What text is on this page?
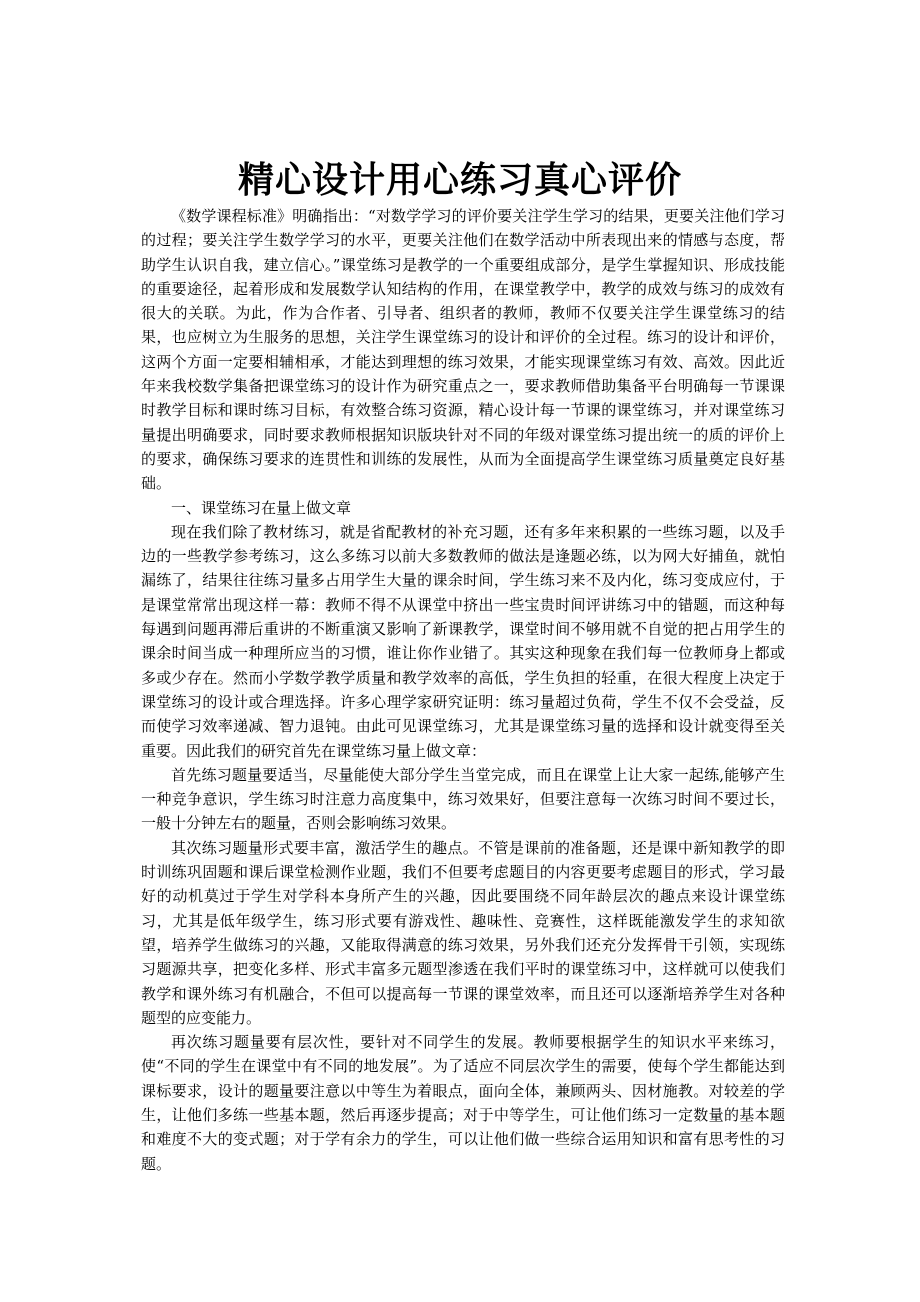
精心设计用心练习真心评价

《数学课程标准》明确指出：“对数学学习的评价要关注学生学习的结果，更要关注他们学习的过程；要关注学生数学学习的水平，更要关注他们在数学活动中所表现出来的情感与态度，帮助学生认识自我，建立信心。”课堂练习是教学的一个重要组成部分，是学生掌握知识、形成技能的重要途径，起着形成和发展数学认知结构的作用，在课堂教学中，教学的成效与练习的成效有很大的关联。为此，作为合作者、引导者、组织者的教师，教师不仅要关注学生课堂练习的结果，也应树立为生服务的思想，关注学生课堂练习的设计和评价的全过程。练习的设计和评价，这两个方面一定要相辅相承，才能达到理想的练习效果，才能实现课堂练习有效、高效。因此近年来我校数学集备把课堂练习的设计作为研究重点之一，要求教师借助集备平台明确每一节课课时教学目标和课时练习目标，有效整合练习资源，精心设计每一节课的课堂练习，并对课堂练习量提出明确要求，同时要求教师根据知识版块针对不同的年级对课堂练习提出统一的质的评价上的要求，确保练习要求的连贯性和训练的发展性，从而为全面提高学生课堂练习质量奠定良好基础。

一、课堂练习在量上做文章

现在我们除了教材练习，就是省配教材的补充习题，还有多年来积累的一些练习题，以及手边的一些教学参考练习，这么多练习以前大多数教师的做法是逢题必练，以为网大好捕鱼，就怕漏练了，结果往往练习量多占用学生大量的课余时间，学生练习来不及内化，练习变成应付，于是课堂常常出现这样一幕：教师不得不从课堂中挤出一些宝贵时间评讲练习中的错题，而这种每每遇到问题再滞后重讲的不断重演又影响了新课教学，课堂时间不够用就不自觉的把占用学生的课余时间当成一种理所应当的习惯，谁让你作业错了。其实这种现象在我们每一位教师身上都或多或少存在。然而小学数学教学质量和教学效率的高低，学生负担的轻重，在很大程度上决定于课堂练习的设计或合理选择。许多心理学家研究证明：练习量超过负荷，学生不仅不会受益，反而使学习效率递减、智力退钝。由此可见课堂练习，尤其是课堂练习量的选择和设计就变得至关重要。因此我们的研究首先在课堂练习量上做文章：

首先练习题量要适当，尽量能使大部分学生当堂完成，而且在课堂上让大家一起练,能够产生一种竞争意识，学生练习时注意力高度集中，练习效果好，但要注意每一次练习时间不要过长，一般十分钟左右的题量，否则会影响练习效果。

其次练习题量形式要丰富，激活学生的趣点。不管是课前的准备题，还是课中新知教学的即时训练巩固题和课后课堂检测作业题，我们不但要考虑题目的内容更要考虑题目的形式，学习最好的动机莫过于学生对学科本身所产生的兴趣，因此要围绕不同年龄层次的趣点来设计课堂练习，尤其是低年级学生，练习形式要有游戏性、趣味性、竞赛性，这样既能激发学生的求知欲望，培养学生做练习的兴趣，又能取得满意的练习效果，另外我们还充分发挥骨干引领，实现练习题源共享，把变化多样、形式丰富多元题型渗透在我们平时的课堂练习中，这样就可以使我们教学和课外练习有机融合，不但可以提高每一节课的课堂效率，而且还可以逐渐培养学生对各种题型的应变能力。

再次练习题量要有层次性，要针对不同学生的发展。教师要根据学生的知识水平来练习，使“不同的学生在课堂中有不同的地发展”。为了适应不同层次学生的需要，使每个学生都能达到课标要求，设计的题量要注意以中等生为着眼点，面向全体，兼顾两头、因材施教。对较差的学生，让他们多练一些基本题，然后再逐步提高；对于中等学生，可让他们练习一定数量的基本题和难度不大的变式题；对于学有余力的学生，可以让他们做一些综合运用知识和富有思考性的习题。
